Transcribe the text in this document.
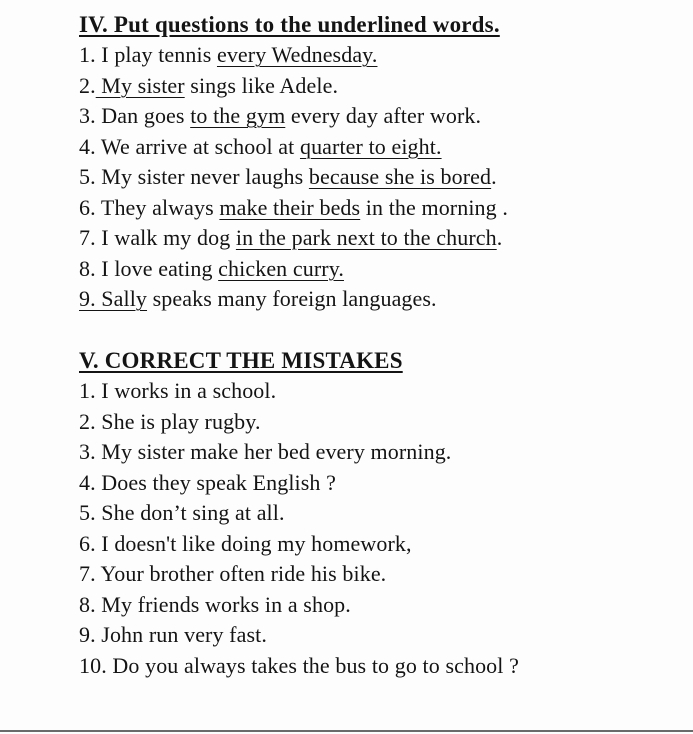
IV. Put questions to the underlined words.
1. I play tennis every Wednesday.
2. My sister sings like Adele.
3. Dan goes to the gym every day after work.
4. We arrive at school at quarter to eight.
5. My sister never laughs because she is bored.
6. They always make their beds in the morning .
7. I walk my dog in the park next to the church.
8. I love eating chicken curry.
9. Sally speaks many foreign languages.
V. CORRECT THE MISTAKES
1. I works in a school.
2. She is play rugby.
3. My sister make her bed every morning.
4. Does they speak English ?
5. She don’t sing at all.
6. I doesn't like doing my homework,
7. Your brother often ride his bike.
8. My friends works in a shop.
9. John run very fast.
10. Do you always takes the bus to go to school ?
